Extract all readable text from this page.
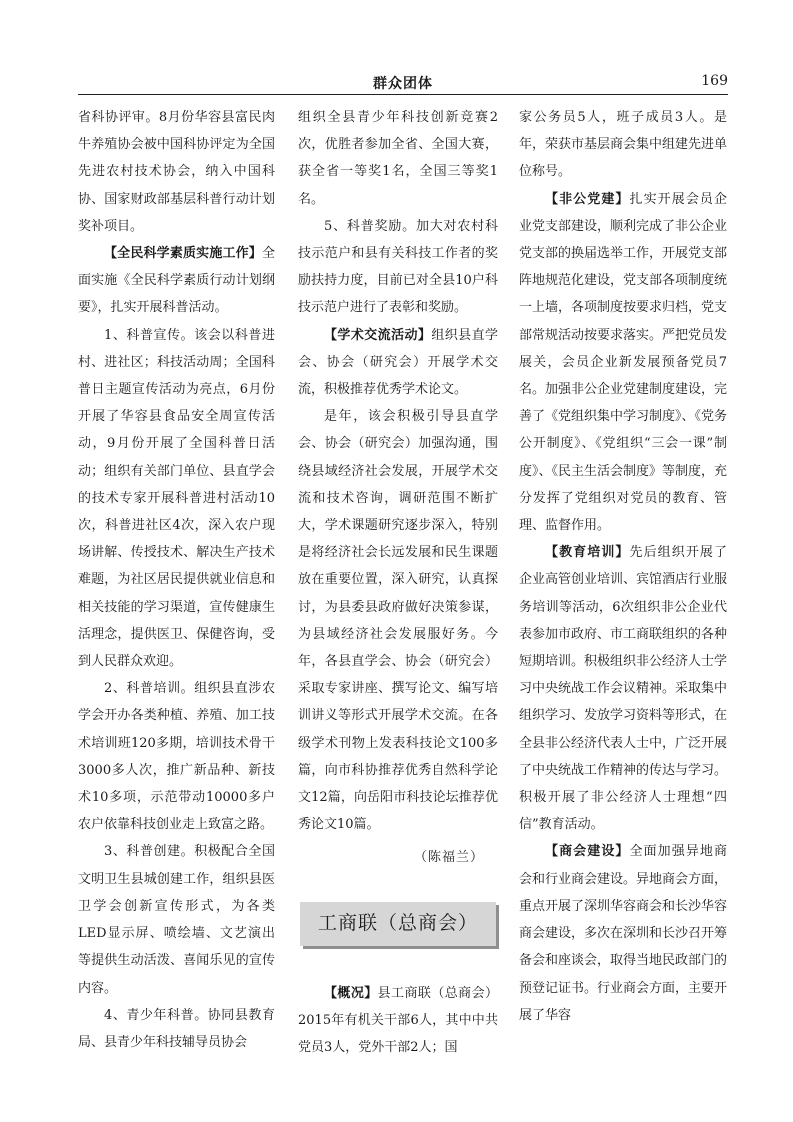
群众团体	169

省科协评审。8月份华容县富民肉牛养殖协会被中国科协评定为全国先进农村技术协会，纳入中国科协、国家财政部基层科普行动计划奖补项目。

【全民科学素质实施工作】全面实施《全民科学素质行动计划纲要》，扎实开展科普活动。

1、科普宣传。该会以科普进村、进社区；科技活动周；全国科普日主题宣传活动为亮点，6月份开展了华容县食品安全周宣传活动，9月份开展了全国科普日活动；组织有关部门单位、县直学会的技术专家开展科普进村活动10次，科普进社区4次，深入农户现场讲解、传授技术、解决生产技术难题，为社区居民提供就业信息和相关技能的学习渠道，宣传健康生活理念，提供医卫、保健咨询，受到人民群众欢迎。

2、科普培训。组织县直涉农学会开办各类种植、养殖、加工技术培训班120多期，培训技术骨干3000多人次，推广新品种、新技术10多项，示范带动10000多户农户依靠科技创业走上致富之路。

3、科普创建。积极配合全国文明卫生县城创建工作，组织县医卫学会创新宣传形式，为各类LED显示屏、喷绘墙、文艺演出等提供生动活泼、喜闻乐见的宣传内容。

4、青少年科普。协同县教育局、县青少年科技辅导员协会

组织全县青少年科技创新竞赛2次，优胜者参加全省、全国大赛，获全省一等奖1名，全国三等奖1名。

5、科普奖励。加大对农村科技示范户和县有关科技工作者的奖励扶持力度，目前已对全县10户科技示范户进行了表彰和奖励。

【学术交流活动】组织县直学会、协会（研究会）开展学术交流，积极推荐优秀学术论文。

是年，该会积极引导县直学会、协会（研究会）加强沟通，围绕县域经济社会发展，开展学术交流和技术咨询，调研范围不断扩大，学术课题研究逐步深入，特别是将经济社会长远发展和民生课题放在重要位置，深入研究，认真探讨，为县委县政府做好决策参谋，为县域经济社会发展服好务。今年，各县直学会、协会（研究会）采取专家讲座、撰写论文、编写培训讲义等形式开展学术交流。在各级学术刊物上发表科技论文100多篇，向市科协推荐优秀自然科学论文12篇，向岳阳市科技论坛推荐优秀论文10篇。

（陈福兰）

工商联（总商会）

【概况】县工商联（总商会）2015年有机关干部6人，其中中共党员3人，党外干部2人；国

家公务员5人，班子成员3人。是年，荣获市基层商会集中组建先进单位称号。

【非公党建】扎实开展会员企业党支部建设，顺利完成了非公企业党支部的换届选举工作，开展党支部阵地规范化建设，党支部各项制度统一上墙，各项制度按要求归档，党支部常规活动按要求落实。严把党员发展关，会员企业新发展预备党员7名。加强非公企业党建制度建设，完善了《党组织集中学习制度》、《党务公开制度》、《党组织“三会一课”制度》、《民主生活会制度》等制度，充分发挥了党组织对党员的教育、管理、监督作用。

【教育培训】先后组织开展了企业高管创业培训、宾馆酒店行业服务培训等活动，6次组织非公企业代表参加市政府、市工商联组织的各种短期培训。积极组织非公经济人士学习中央统战工作会议精神。采取集中组织学习、发放学习资料等形式，在全县非公经济代表人士中，广泛开展了中央统战工作精神的传达与学习。积极开展了非公经济人士理想“四信”教育活动。

【商会建设】全面加强异地商会和行业商会建设。异地商会方面，重点开展了深圳华容商会和长沙华容商会建设，多次在深圳和长沙召开筹备会和座谈会，取得当地民政部门的预登记证书。行业商会方面，主要开展了华容
